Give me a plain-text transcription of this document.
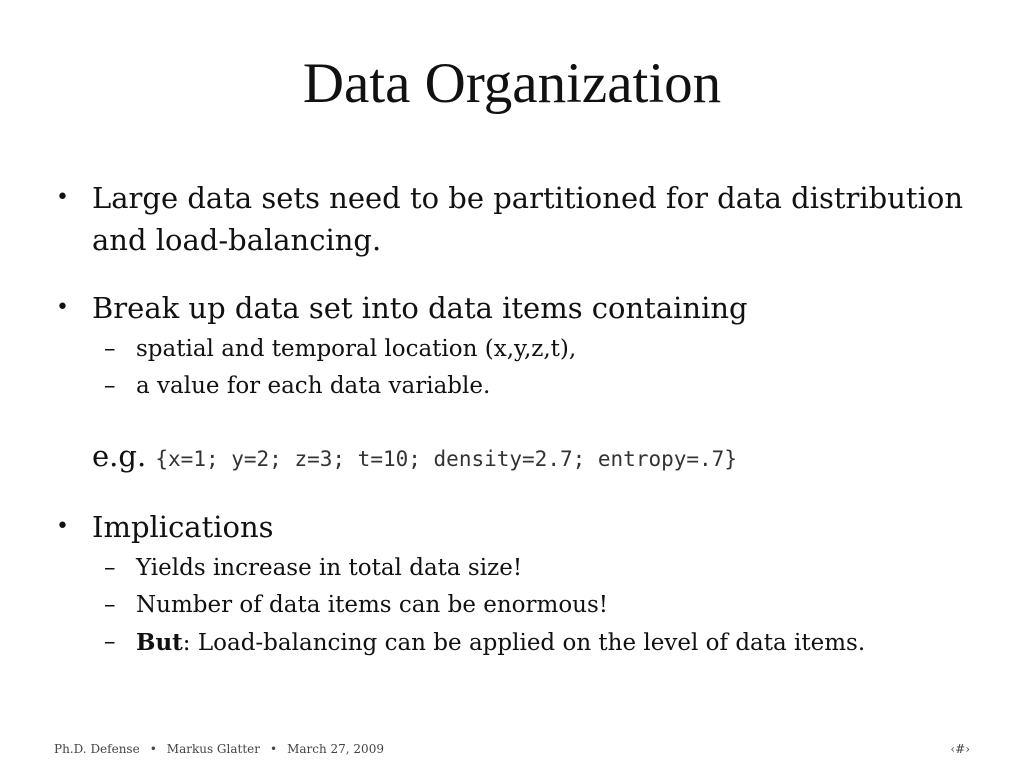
Data Organization
• Large data sets need to be partitioned for data distribution and load-balancing.
• Break up data set into data items containing
– spatial and temporal location (x,y,z,t),
– a value for each data variable.
e.g. {x=1; y=2; z=3; t=10; density=2.7; entropy=.7}
• Implications
– Yields increase in total data size!
– Number of data items can be enormous!
– But: Load-balancing can be applied on the level of data items.
Ph.D. Defense • Markus Glatter • March 27, 2009	‹#›
